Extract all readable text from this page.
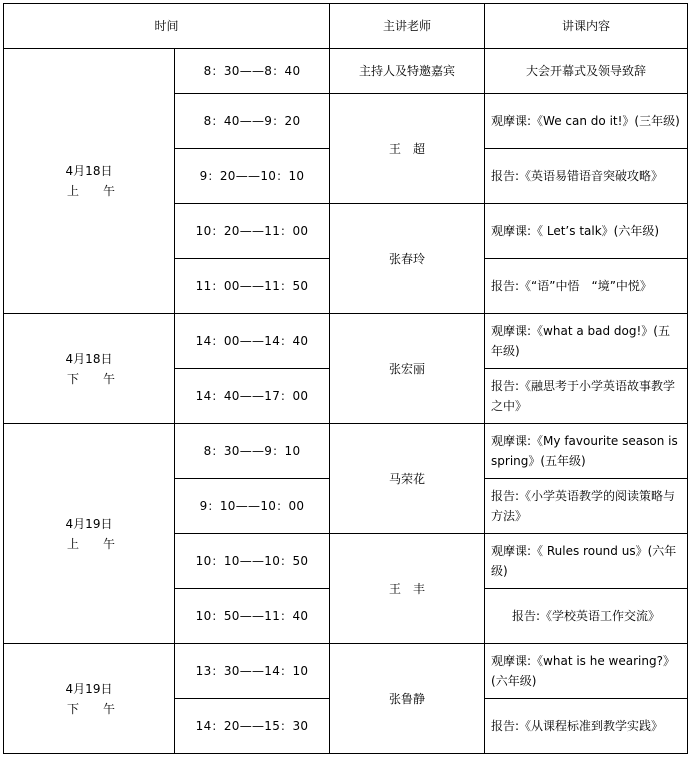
时间		主讲老师	讲课内容

4月18日
上　　午	8：30——8：40	主持人及特邀嘉宾	大会开幕式及领导致辞
	8：40——9：20	王　超	观摩课:《We can do it!》(三年级)
	9：20——10：10		报告:《英语易错语音突破攻略》
	10：20——11：00	张春玲	观摩课:《 Let’s talk》(六年级)
	11：00——11：50		报告:《“语”中悟　“境”中悦》

4月18日
下　　午	14：00——14：40	张宏丽	观摩课:《what a bad dog!》(五年级)
	14：40——17：00		报告:《融思考于小学英语故事教学之中》

4月19日
上　　午	8：30——9：10	马荣花	观摩课:《My favourite season is spring》(五年级)
	9：10——10：00		报告:《小学英语教学的阅读策略与方法》
	10：10——10：50	王　丰	观摩课:《 Rules round us》(六年级)
	10：50——11：40		报告:《学校英语工作交流》

4月19日
下　　午	13：30——14：10	张鲁静	观摩课:《what is he wearing?》(六年级)
	14：20——15：30		报告:《从课程标准到教学实践》
